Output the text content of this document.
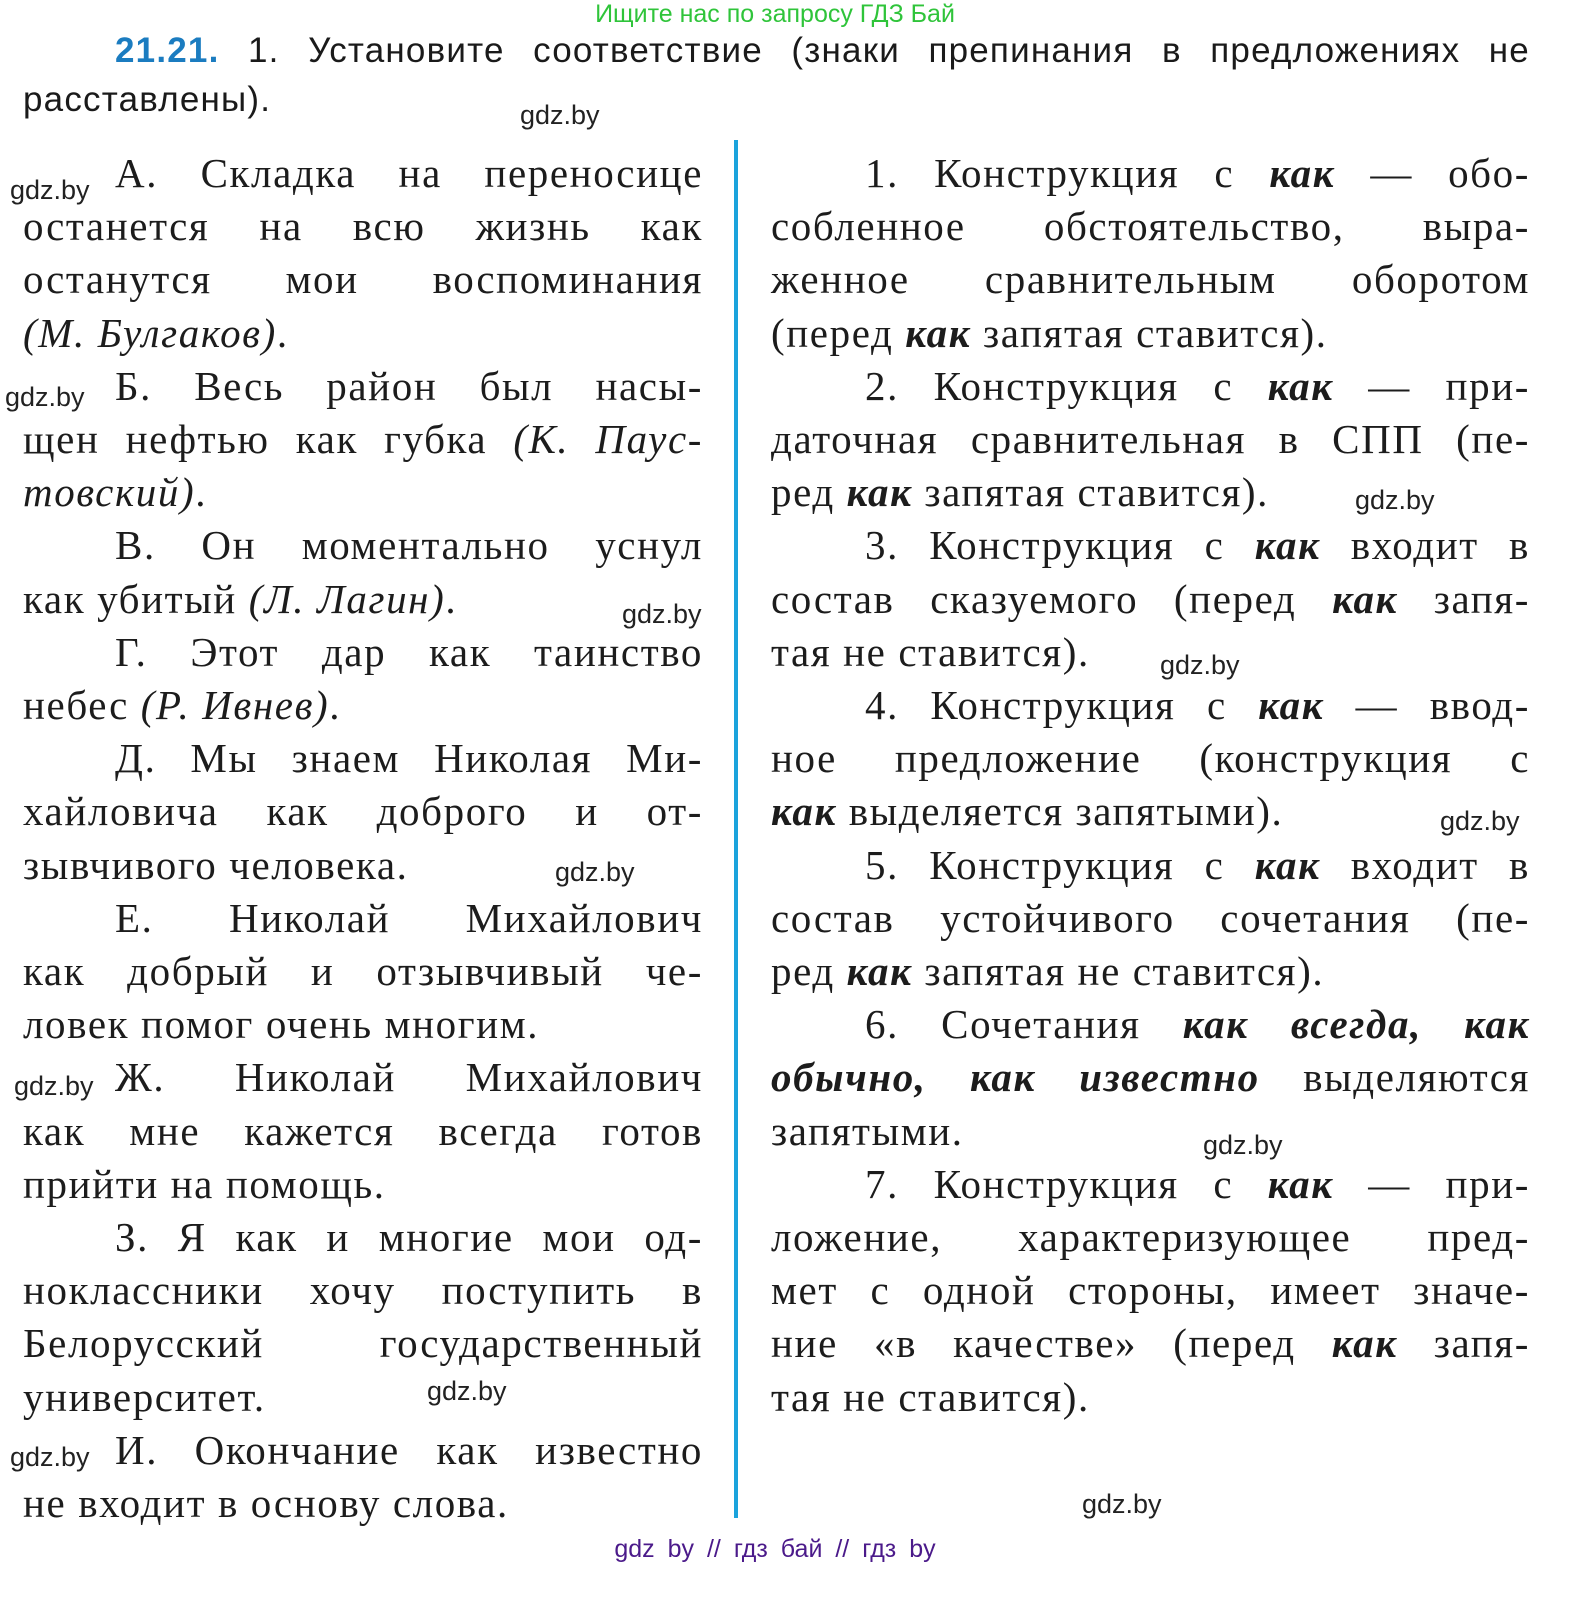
Ищите нас по запросу ГДЗ Бай
21.21. 1. Установите соответствие (знаки препинания в предложениях не
расставлены).
А. Складка на переносице
останется на всю жизнь как
останутся мои воспоминания
(М. Булгаков).
Б. Весь район был насы-
щен нефтью как губка (К. Паус-
товский).
В. Он моментально уснул
как убитый (Л. Лагин).
Г. Этот дар как таинство
небес (Р. Ивнев).
Д. Мы знаем Николая Ми-
хайловича как доброго и от-
зывчивого человека.
Е. Николай Михайлович
как добрый и отзывчивый че-
ловек помог очень многим.
Ж. Николай Михайлович
как мне кажется всегда готов
прийти на помощь.
З. Я как и многие мои од-
ноклассники хочу поступить в
Белорусский государственный
университет.
И. Окончание как известно
не входит в основу слова.
1. Конструкция с как — обо-
собленное обстоятельство, выра-
женное сравнительным оборотом
(перед как запятая ставится).
2. Конструкция с как — при-
даточная сравнительная в СПП (пе-
ред как запятая ставится).
3. Конструкция с как входит в
состав сказуемого (перед как запя-
тая не ставится).
4. Конструкция с как — ввод-
ное предложение (конструкция с
как выделяется запятыми).
5. Конструкция с как входит в
состав устойчивого сочетания (пе-
ред как запятая не ставится).
6. Сочетания как всегда, как
обычно, как известно выделяются
запятыми.
7. Конструкция с как — при-
ложение, характеризующее пред-
мет с одной стороны, имеет значе-
ние «в качестве» (перед как запя-
тая не ставится).
gdz.by
gdz.by
gdz.by
gdz.by
gdz.by
gdz.by
gdz.by
gdz.by
gdz.by
gdz.by
gdz.by
gdz.by
gdz.by
gdz by // гдз бай // гдз by
